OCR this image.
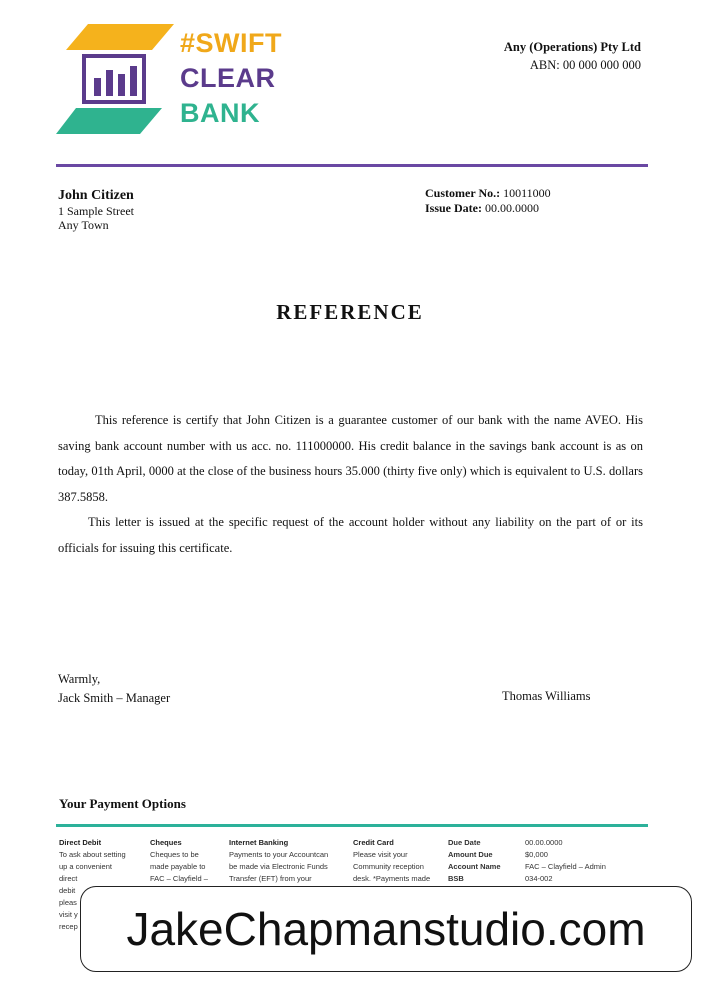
#SWIFT
CLEAR
BANK
Any (Operations) Pty Ltd
ABN: 00 000 000 000
John Citizen
1 Sample Street
Any Town
Customer No.: 10011000
Issue Date: 00.00.0000
REFERENCE

This reference is certify that John Citizen is a guarantee customer of our bank with the name AVEO. His saving bank account number with us acc. no. 111000000. His credit balance in the savings bank account is as on today, 01th April, 0000 at the close of the business hours 35.000 (thirty five only) which is equivalent to U.S. dollars 387.5858.

This letter is issued at the specific request of the account holder without any liability on the part of or its officials for issuing this certificate.

Warmly,
Jack Smith – Manager	Thomas Williams
Your Payment Options
Direct Debit
To ask about setting
up a convenient
direct
debit
pleas
visit y
recep
Cheques
Cheques to be
made payable to
FAC – Clayfield –
Internet Banking
Payments to your Accountcan
be made via Electronic Funds
Transfer (EFT) from your
Credit Card
Please visit your
Community reception
desk. *Payments made
Due Date
Amount Due
Account Name
BSB
00.00.0000
$0,000
FAC – Clayfield – Admin
034-002
JakeChapmanstudio.com
